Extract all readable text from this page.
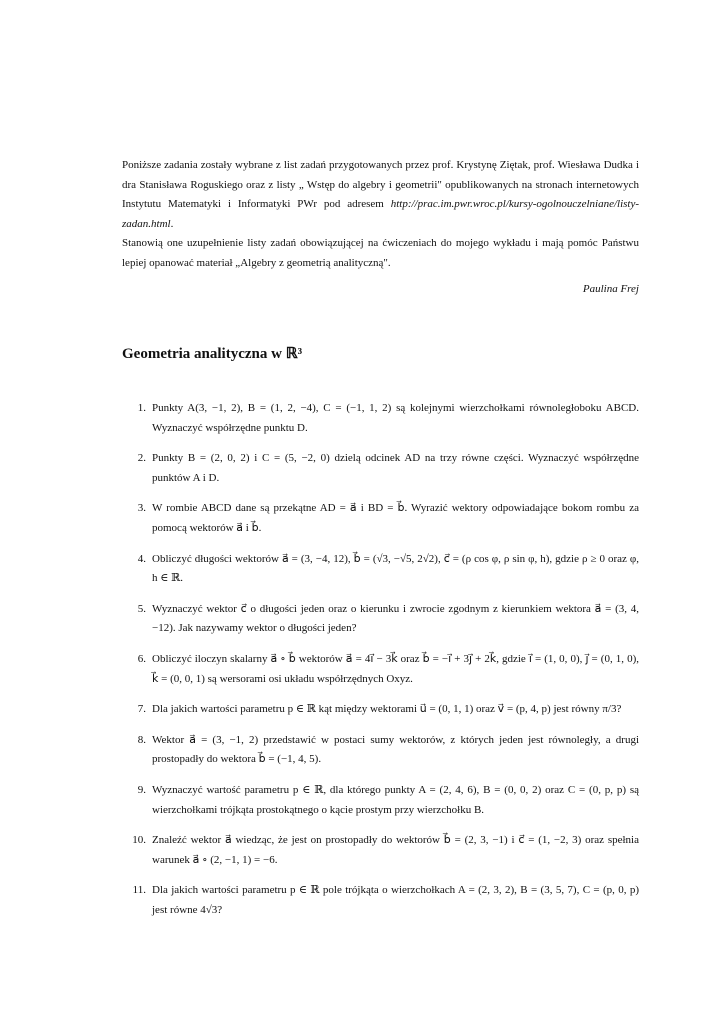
Poniższe zadania zostały wybrane z list zadań przygotowanych przez prof. Krystynę Ziętak, prof. Wiesława Dudka i dra Stanisława Roguskiego oraz z listy „ Wstęp do algebry i geometrii" opublikowanych na stronach internetowych Instytutu Matematyki i Informatyki PWr pod adresem http://prac.im.pwr.wroc.pl/kursy-ogolnouczelniane/listy-zadan.html.

Stanowią one uzupełnienie listy zadań obowiązującej na ćwiczeniach do mojego wykładu i mają pomóc Państwu lepiej opanować materiał „Algebry z geometrią analityczną".

Paulina Frej
Geometria analityczna w ℝ³
1. Punkty A(3, −1, 2), B = (1, 2, −4), C = (−1, 1, 2) są kolejnymi wierzchołkami równoległoboku ABCD. Wyznaczyć współrzędne punktu D.
2. Punkty B = (2, 0, 2) i C = (5, −2, 0) dzielą odcinek AD na trzy równe części. Wyznaczyć współrzędne punktów A i D.
3. W rombie ABCD dane są przekątne AD = a⃗ i BD = b⃗. Wyrazić wektory odpowiadające bokom rombu za pomocą wektorów a⃗ i b⃗.
4. Obliczyć długości wektorów a⃗ = (3, −4, 12), b⃗ = (√3, −√5, 2√2), c⃗ = (ρ cos φ, ρ sin φ, h), gdzie ρ ≥ 0 oraz φ, h ∈ ℝ.
5. Wyznaczyć wektor c⃗ o długości jeden oraz o kierunku i zwrocie zgodnym z kierunkiem wektora a⃗ = (3, 4, −12). Jak nazywamy wektor o długości jeden?
6. Obliczyć iloczyn skalarny a⃗ ∘ b⃗ wektorów a⃗ = 4i⃗ − 3k⃗ oraz b⃗ = −i⃗ + 3j⃗ + 2k⃗, gdzie i⃗ = (1, 0, 0), j⃗ = (0, 1, 0), k⃗ = (0, 0, 1) są wersorami osi układu współrzędnych Oxyz.
7. Dla jakich wartości parametru p ∈ ℝ kąt między wektorami u⃗ = (0, 1, 1) oraz v⃗ = (p, 4, p) jest równy π/3?
8. Wektor a⃗ = (3, −1, 2) przedstawić w postaci sumy wektorów, z których jeden jest równoległy, a drugi prostopadły do wektora b⃗ = (−1, 4, 5).
9. Wyznaczyć wartość parametru p ∈ ℝ, dla którego punkty A = (2, 4, 6), B = (0, 0, 2) oraz C = (0, p, p) są wierzchołkami trójkąta prostokątnego o kącie prostym przy wierzchołku B.
10. Znaleźć wektor a⃗ wiedząc, że jest on prostopadły do wektorów b⃗ = (2, 3, −1) i c⃗ = (1, −2, 3) oraz spełnia warunek a⃗ ∘ (2, −1, 1) = −6.
11. Dla jakich wartości parametru p ∈ ℝ pole trójkąta o wierzchołkach A = (2, 3, 2), B = (3, 5, 7), C = (p, 0, p) jest równe 4√3?
